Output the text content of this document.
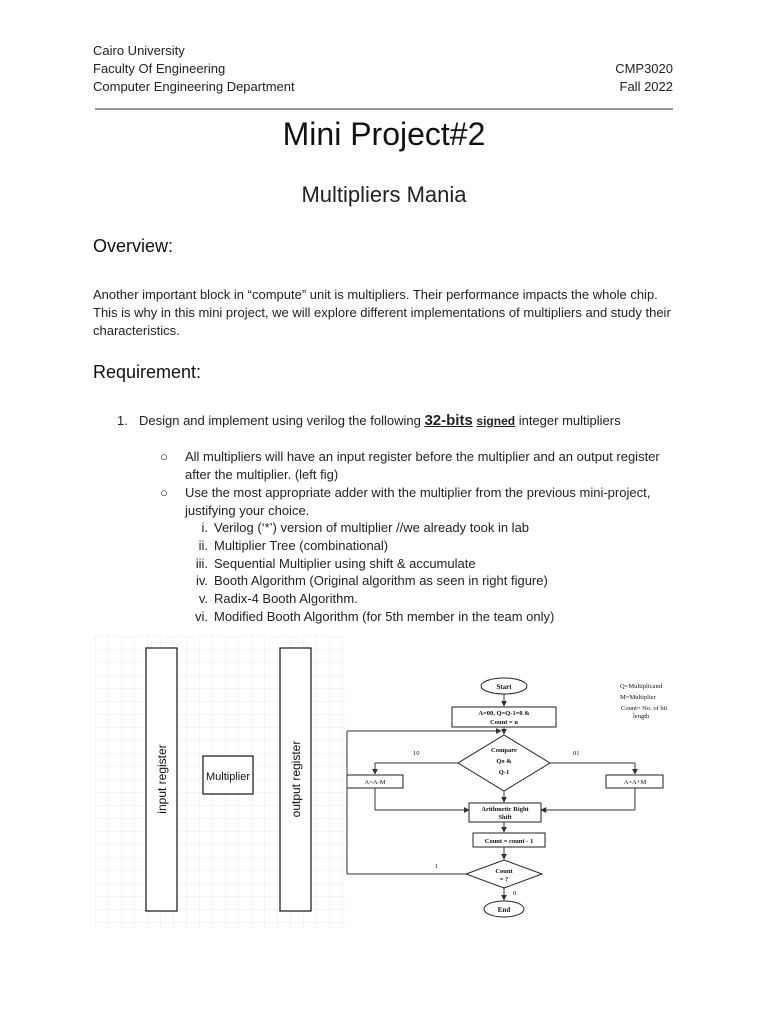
Cairo University
Faculty Of Engineering
Computer Engineering Department
CMP3020
Fall 2022
Mini Project#2
Multipliers Mania
Overview:
Another important block in “compute” unit is multipliers. Their performance impacts the whole chip. This is why in this mini project, we will explore different implementations of multipliers and study their characteristics.
Requirement:
1. Design and implement using verilog the following 32-bits signed integer multipliers
○	All multipliers will have an input register before the multiplier and an output register after the multiplier. (left fig)
○	Use the most appropriate adder with the multiplier from the previous mini-project, justifying your choice.
i. Verilog (‘*’) version of multiplier //we already took in lab
ii. Multiplier Tree (combinational)
iii. Sequential Multiplier using shift & accumulate
iv. Booth Algorithm (Original algorithm as seen in right figure)
v. Radix-4 Booth Algorithm.
vi. Modified Booth Algorithm (for 5th member in the team only)
input register	Multiplier	output register
Start
A=00, Q=Q-1=0 &
Count = n
Compare
Qo &
Q-1
10
A=A-M
01
A=A+M
Arithmetic Right
Shift
Count = count - 1
Count
= ?
1
0
End
Q=Multiplicand
M=Multiplier
Count= No. of bit
length
